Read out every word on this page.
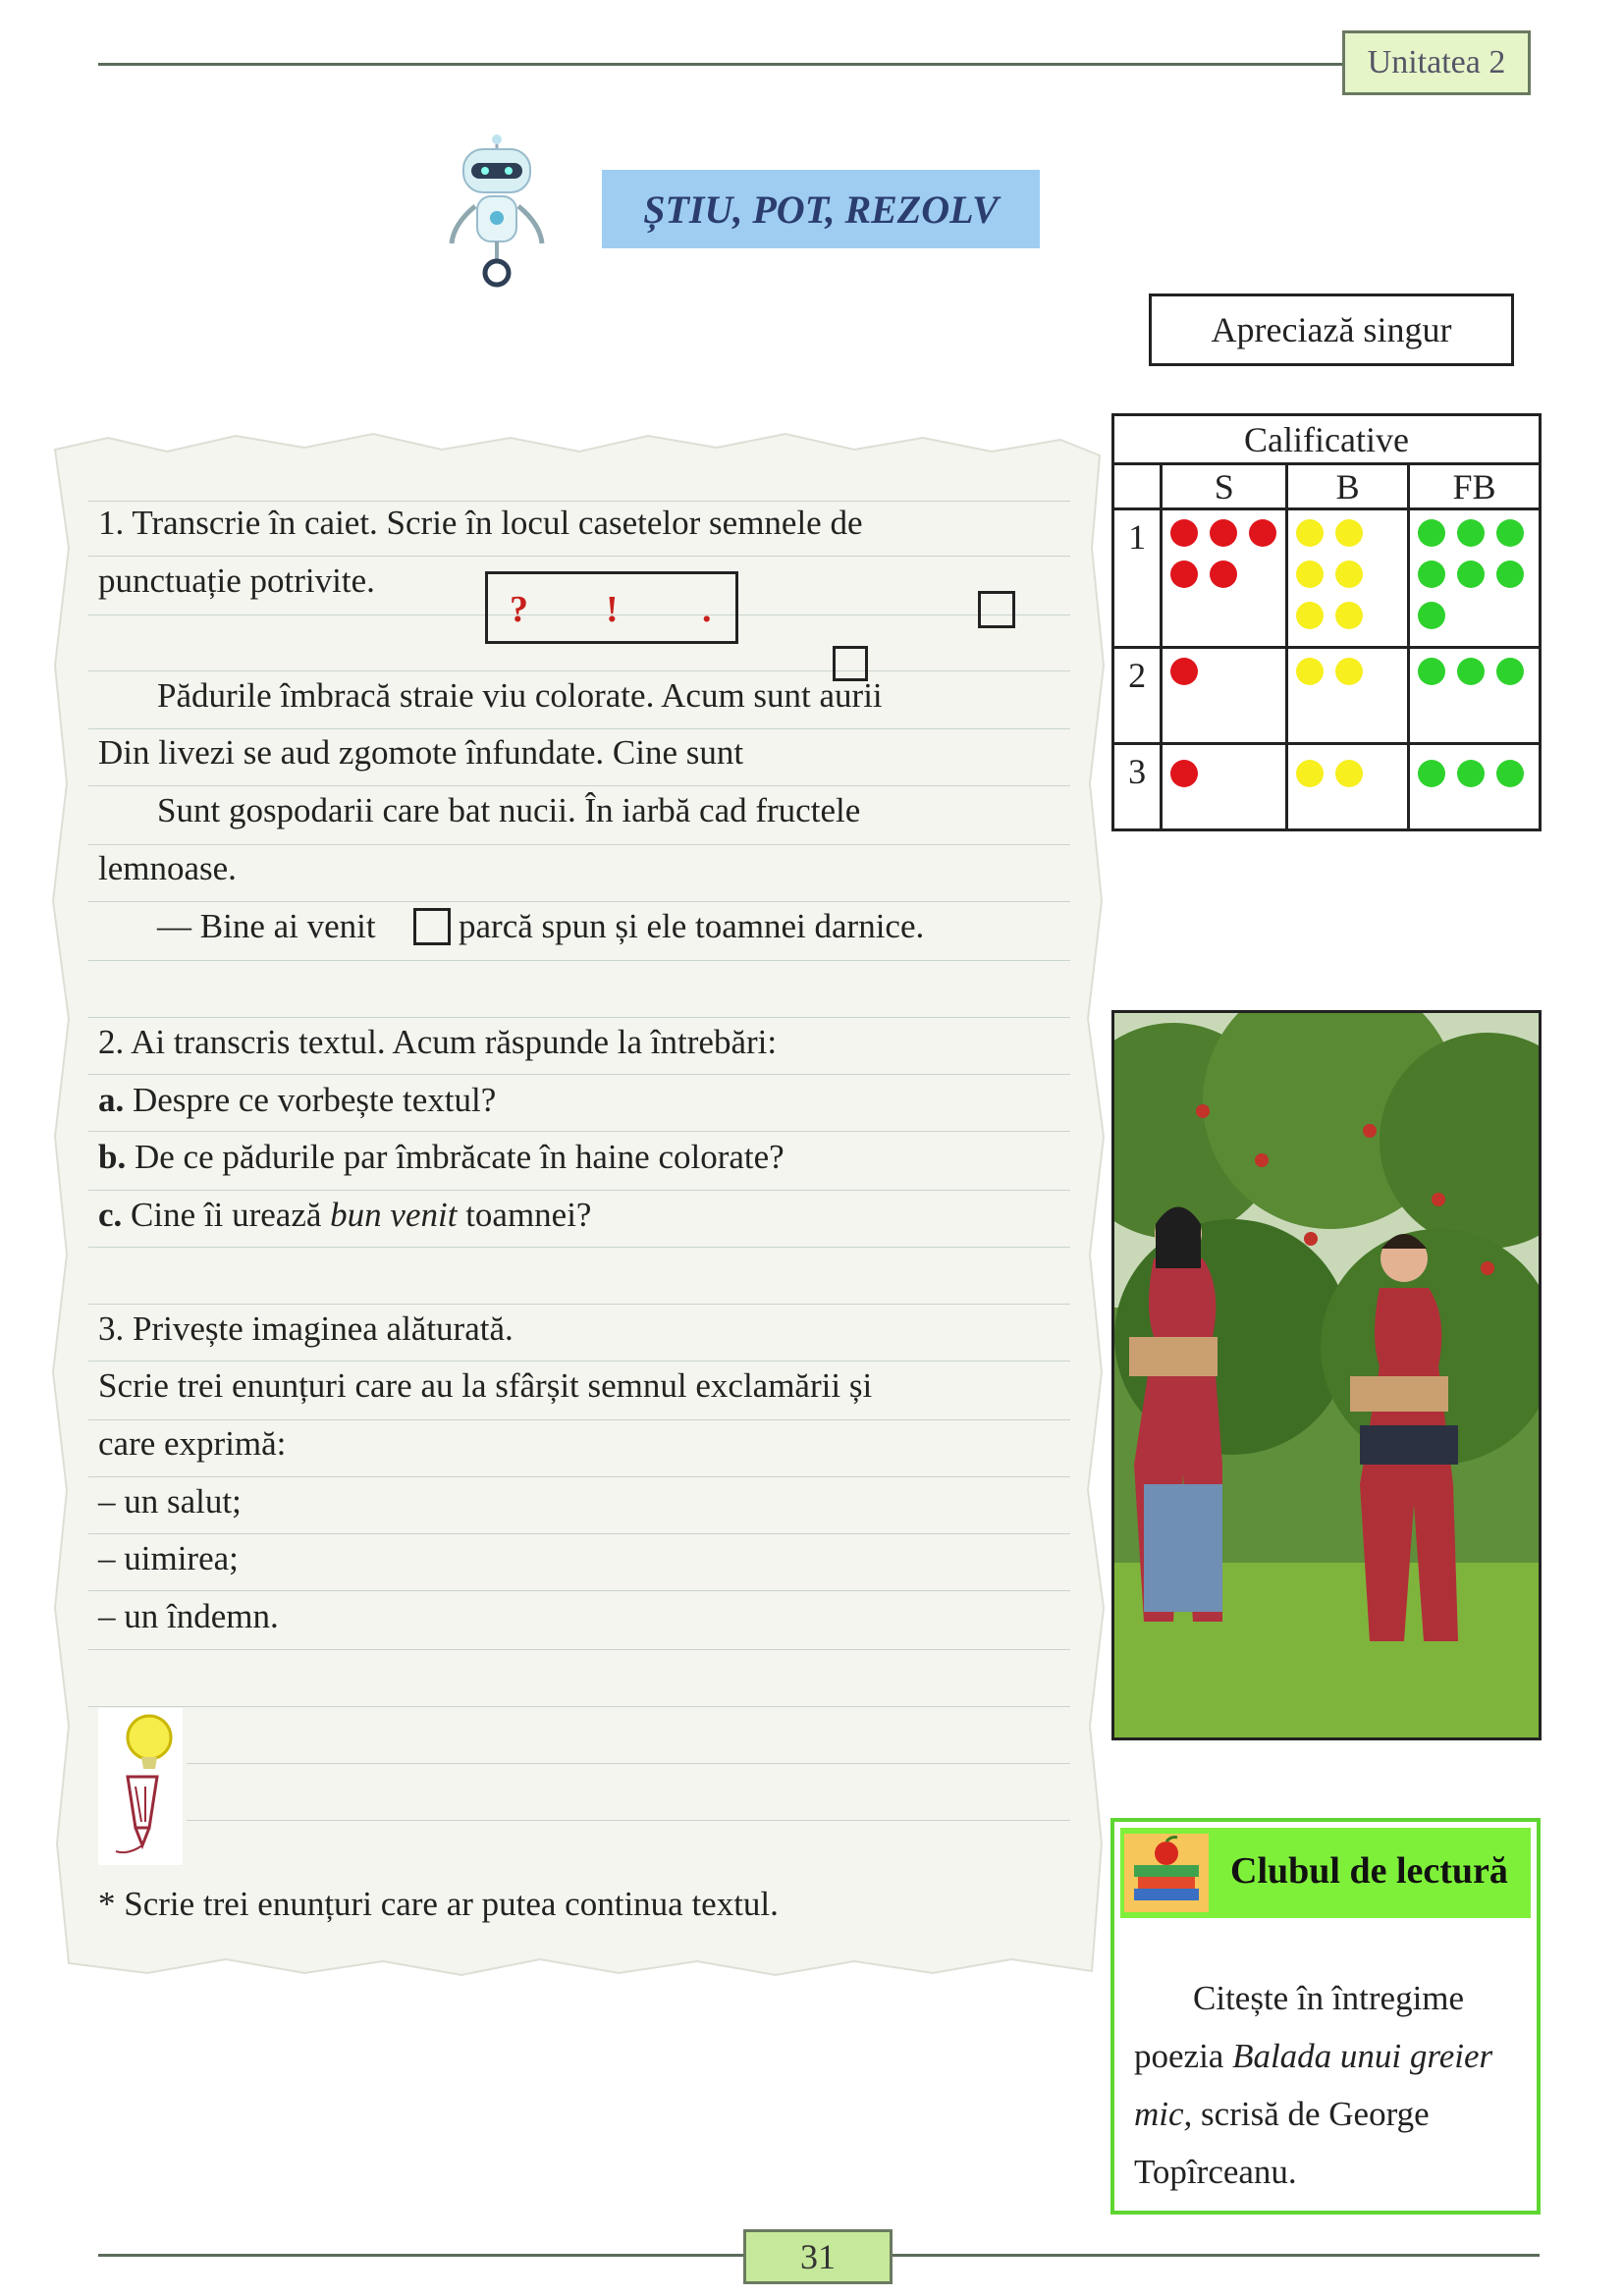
Unitatea 2
ȘTIU, POT, REZOLV
Apreciază singur
1. Transcrie în caiet. Scrie în locul casetelor semnele de
punctuație potrivite.
? ! .
Pădurile îmbracă straie viu colorate. Acum sunt aurii
Din livezi se aud zgomote înfundate. Cine sunt
Sunt gospodarii care bat nucii. În iarbă cad fructele
lemnoase.
— Bine ai venit parcă spun și ele toamnei darnice.
2. Ai transcris textul. Acum răspunde la întrebări:
a. Despre ce vorbește textul?
b. De ce pădurile par îmbrăcate în haine colorate?
c. Cine îi urează bun venit toamnei?
3. Privește imaginea alăturată.
Scrie trei enunțuri care au la sfârșit semnul exclamării și
care exprimă:
– un salut;
– uimirea;
– un îndemn.
* Scrie trei enunțuri care ar putea continua textul.
Calificative			
	S	B	FB
1			
2			
3			
Clubul de lectură
Citește în întregime
poezia Balada unui greier
mic, scrisă de George
Topîrceanu.
31
